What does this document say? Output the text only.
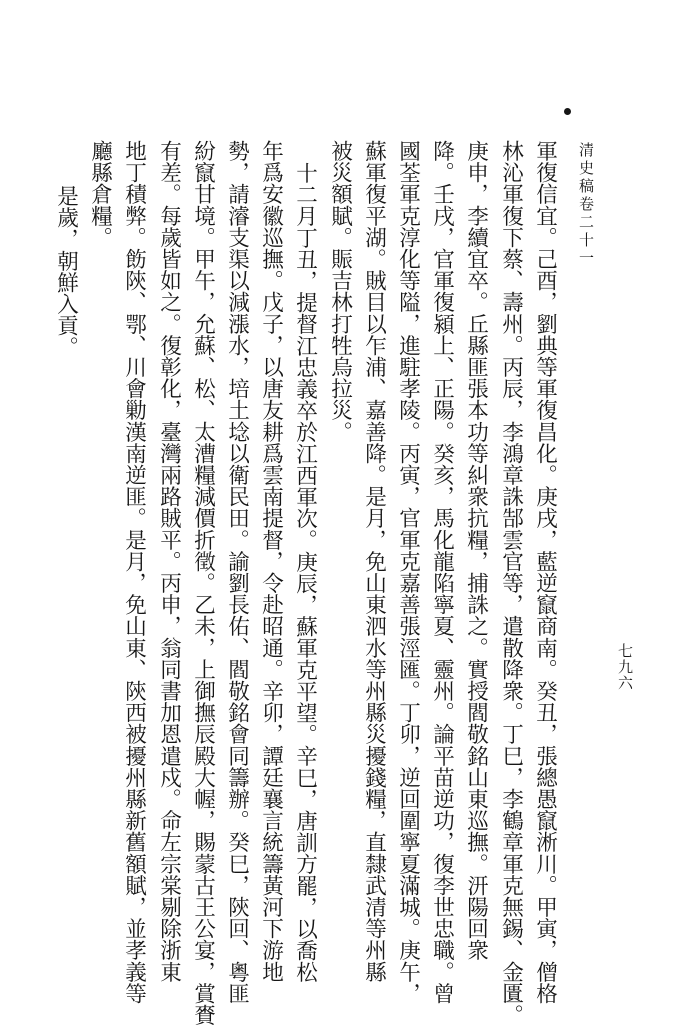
清史稿卷二十一
七九六
軍復信宜。己酉，劉典等軍復昌化。庚戌，藍逆竄商南。癸丑，張總愚竄淅川。甲寅，僧格
林沁軍復下蔡、壽州。丙辰，李鴻章誅郜雲官等，遣散降衆。丁巳，李鶴章軍克無錫、金匱。
庚申，李續宜卒。丘縣匪張本功等糾衆抗糧，捕誅之。實授閻敬銘山東巡撫。汧陽回衆
降。壬戌，官軍復潁上、正陽。癸亥，馬化龍陷寧夏、靈州。論平苗逆功，復李世忠職。曾
國荃軍克淳化等隘，進駐孝陵。丙寅，官軍克嘉善張涇匯。丁卯，逆回圍寧夏滿城。庚午，
蘇軍復平湖。賊目以乍浦、嘉善降。是月，免山東泗水等州縣災擾錢糧，直隸武清等州縣
被災額賦。賑吉林打牲烏拉災。
十二月丁丑，提督江忠義卒於江西軍次。庚辰，蘇軍克平望。辛巳，唐訓方罷，以喬松
年爲安徽巡撫。戊子，以唐友耕爲雲南提督，令赴昭通。辛卯，譚廷襄言統籌黃河下游地
勢，請濬支渠以減漲水，培土埝以衛民田。諭劉長佑、閻敬銘會同籌辦。癸巳，陝回、粵匪
紛竄甘境。甲午，允蘇、松、太漕糧減價折徵。乙未，上御撫辰殿大幄，賜蒙古王公宴，賞賚
有差。每歲皆如之。復彰化，臺灣兩路賊平。丙申，翁同書加恩遣戍。命左宗棠剔除浙東
地丁積弊。飭陝、鄂、川會勦漢南逆匪。是月，免山東、陝西被擾州縣新舊額賦，並孝義等
廳縣倉糧。
是歲，朝鮮入貢。
